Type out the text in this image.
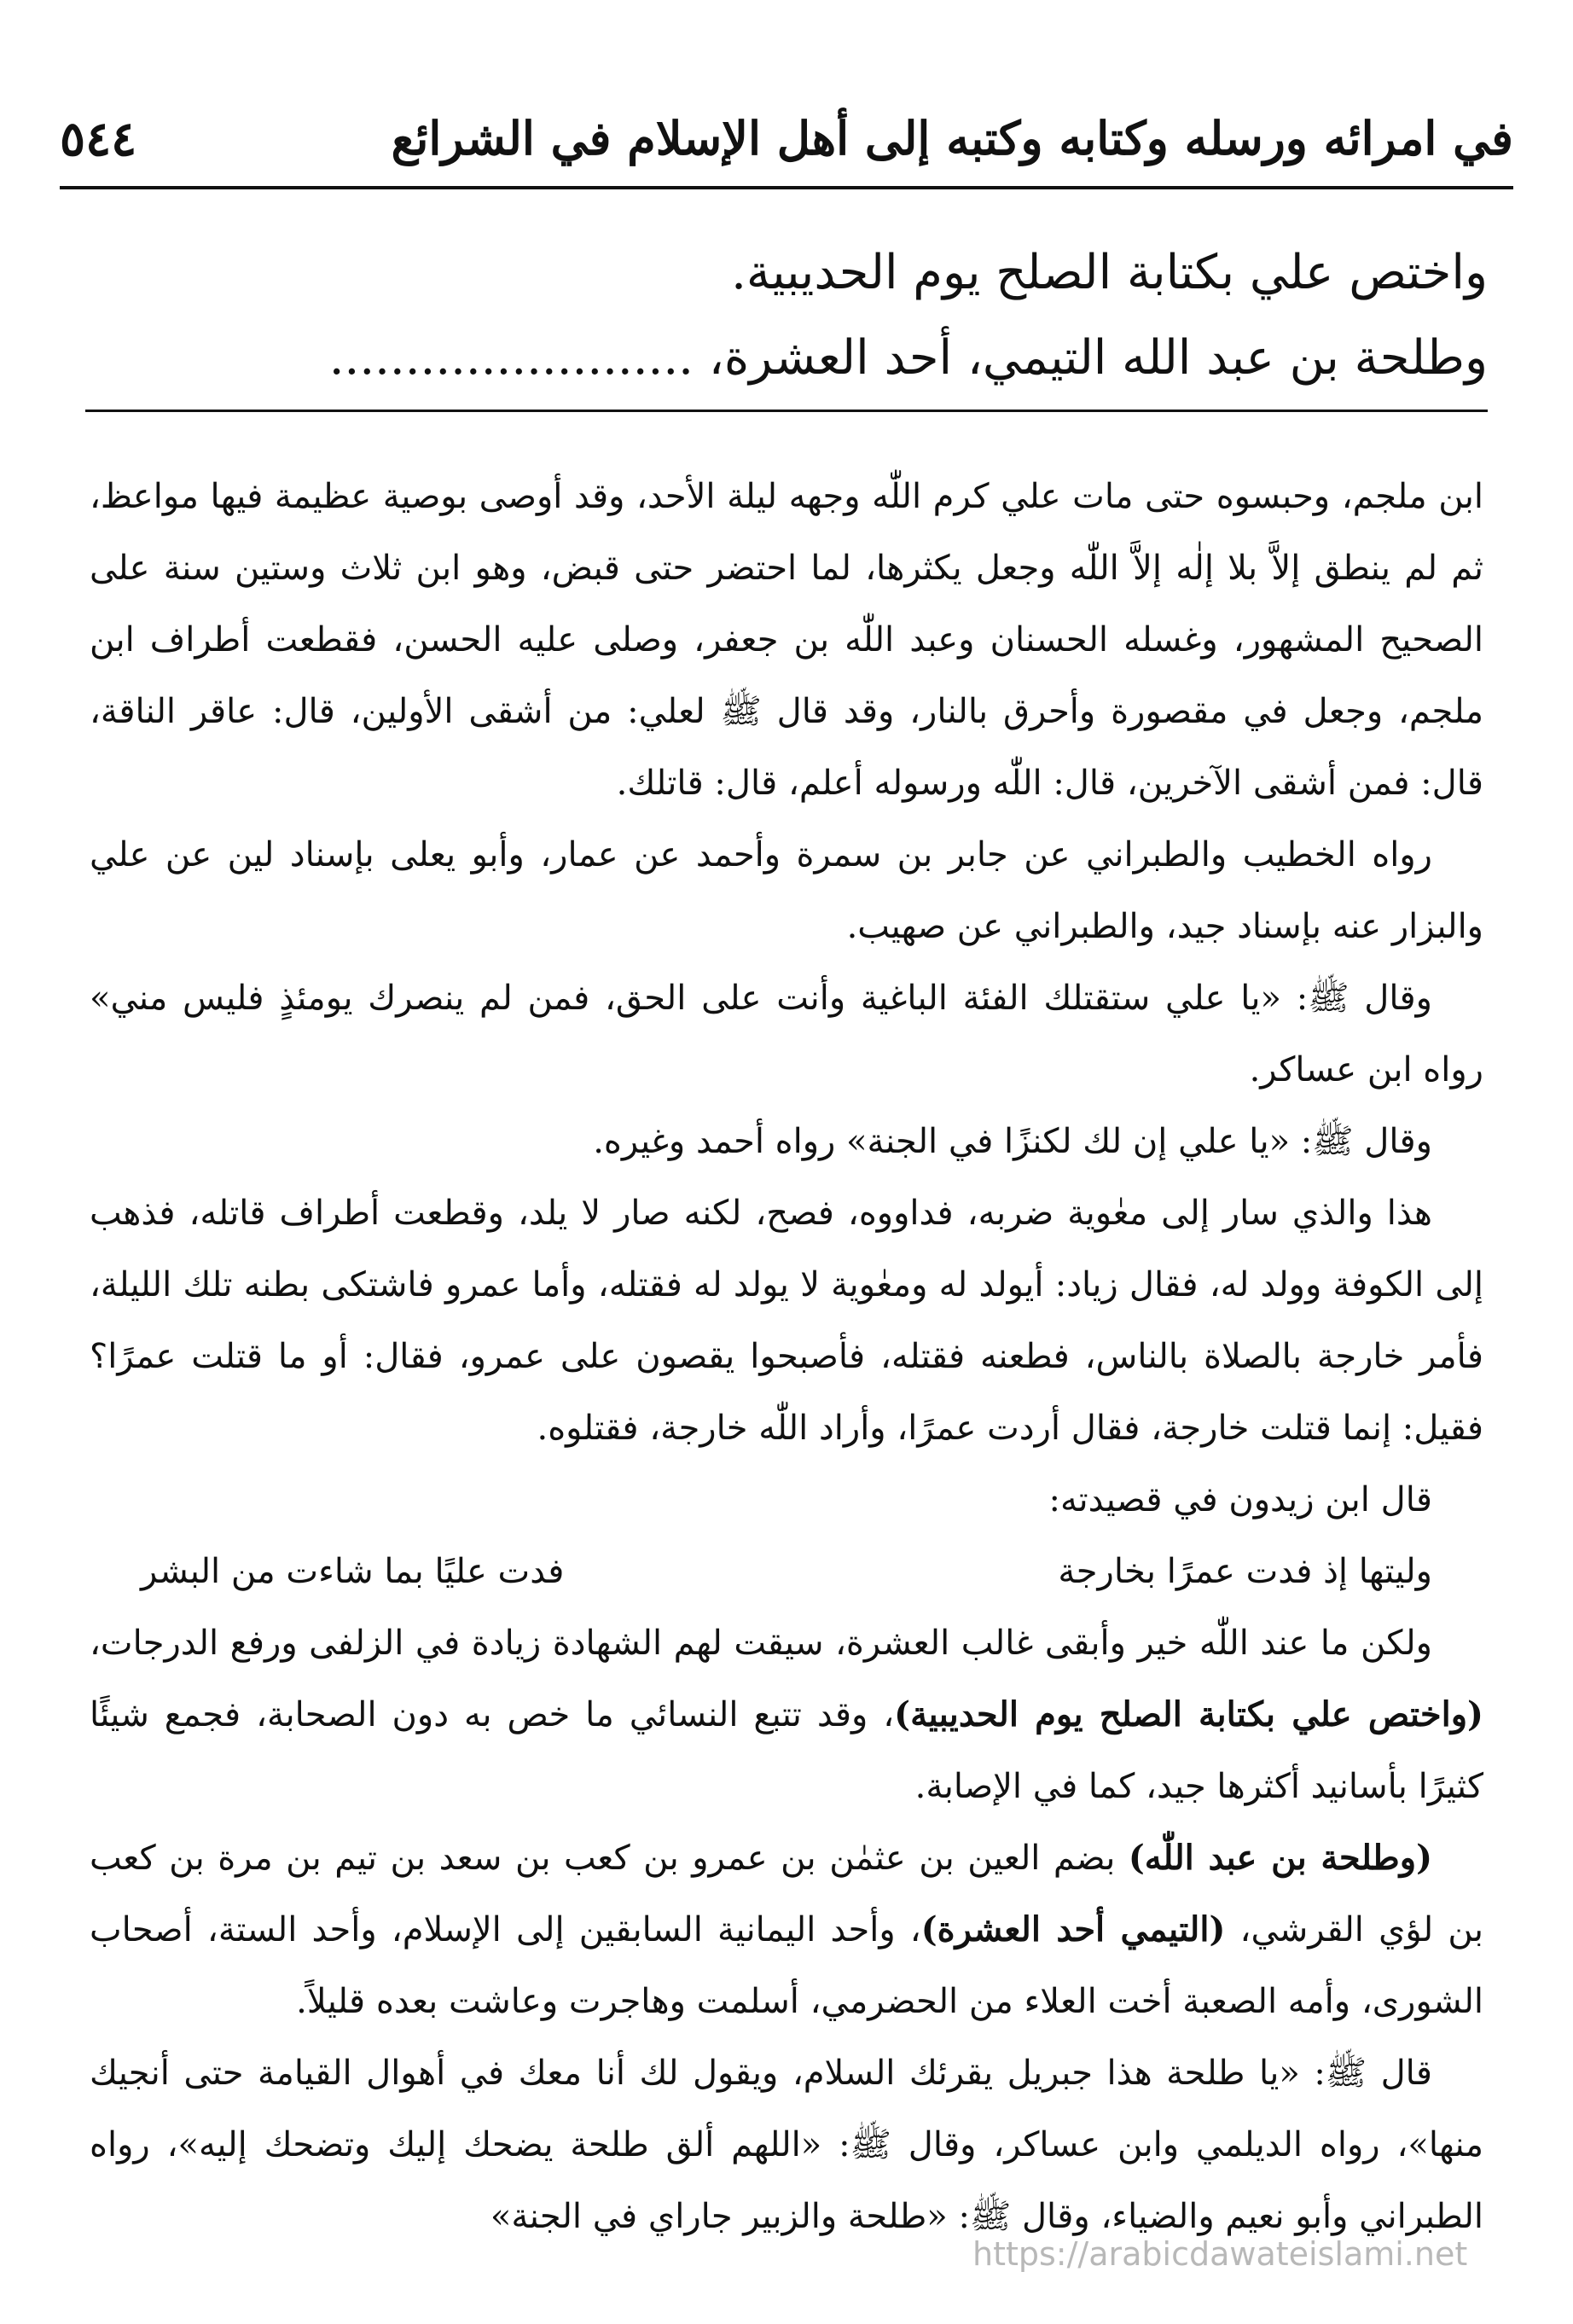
٥٤٤	في امرائه ورسله وكتابه وكتبه إلى أهل الإسلام في الشرائع

واختص علي بكتابة الصلح يوم الحديبية.

وطلحة بن عبد الله التيمي، أحد العشرة، ........................

ابن ملجم، وحبسوه حتى مات علي كرم اللّٰه وجهه ليلة الأحد، وقد أوصى بوصية عظيمة فيها مواعظ، ثم لم ينطق إلاَّ بلا إلٰه إلاَّ اللّٰه وجعل يكثرها، لما احتضر حتى قبض، وهو ابن ثلاث وستين سنة على الصحيح المشهور، وغسله الحسنان وعبد اللّٰه بن جعفر، وصلى عليه الحسن، فقطعت أطراف ابن ملجم، وجعل في مقصورة وأحرق بالنار، وقد قال ﷺ لعلي: من أشقى الأولين، قال: عاقر الناقة، قال: فمن أشقى الآخرين، قال: اللّٰه ورسوله أعلم، قال: قاتلك.

رواه الخطيب والطبراني عن جابر بن سمرة وأحمد عن عمار، وأبو يعلى بإسناد لين عن علي والبزار عنه بإسناد جيد، والطبراني عن صهيب.

وقال ﷺ: «يا علي ستقتلك الفئة الباغية وأنت على الحق، فمن لم ينصرك يومئذٍ فليس مني» رواه ابن عساكر.

وقال ﷺ: «يا علي إن لك لكنزًا في الجنة» رواه أحمد وغيره.

هذا والذي سار إلى معٰوية ضربه، فداووه، فصح، لكنه صار لا يلد، وقطعت أطراف قاتله، فذهب إلى الكوفة وولد له، فقال زياد: أيولد له ومعٰوية لا يولد له فقتله، وأما عمرو فاشتكى بطنه تلك الليلة، فأمر خارجة بالصلاة بالناس، فطعنه فقتله، فأصبحوا يقصون على عمرو، فقال: أو ما قتلت عمرًا؟ فقيل: إنما قتلت خارجة، فقال أردت عمرًا، وأراد اللّٰه خارجة، فقتلوه.

قال ابن زيدون في قصيدته:

وليتها إذ فدت عمرًا بخارجة
فدت عليًا بما شاءت من البشر

ولكن ما عند اللّٰه خير وأبقى غالب العشرة، سيقت لهم الشهادة زيادة في الزلفى ورفع الدرجات، (واختص علي بكتابة الصلح يوم الحديبية)، وقد تتبع النسائي ما خص به دون الصحابة، فجمع شيئًا كثيرًا بأسانيد أكثرها جيد، كما في الإصابة.

(وطلحة بن عبد اللّٰه) بضم العين بن عثمٰن بن عمرو بن كعب بن سعد بن تيم بن مرة بن كعب بن لؤي القرشي، (التيمي أحد العشرة)، وأحد اليمانية السابقين إلى الإسلام، وأحد الستة، أصحاب الشورى، وأمه الصعبة أخت العلاء من الحضرمي، أسلمت وهاجرت وعاشت بعده قليلاً.

قال ﷺ: «يا طلحة هذا جبريل يقرئك السلام، ويقول لك أنا معك في أهوال القيامة حتى أنجيك منها»، رواه الديلمي وابن عساكر، وقال ﷺ: «اللهم ألق طلحة يضحك إليك وتضحك إليه»، رواه الطبراني وأبو نعيم والضياء، وقال ﷺ: «طلحة والزبير جاراي في الجنة»

https://arabicdawateislami.net
